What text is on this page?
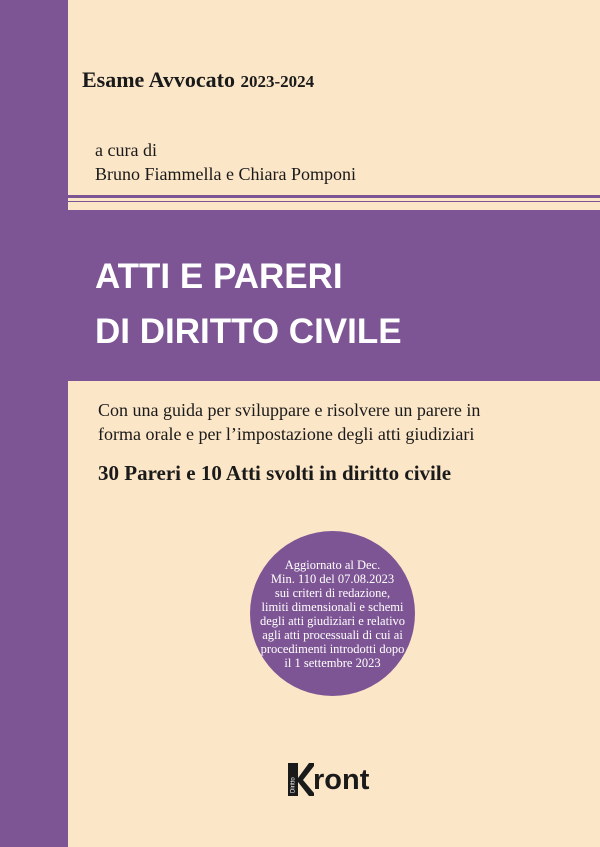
Esame Avvocato 2023-2024
a cura di
Bruno Fiammella e Chiara Pomponi
ATTI E PARERI
DI DIRITTO CIVILE
Con una guida per sviluppare e risolvere un parere in
forma orale e per l’impostazione degli atti giudiziari
30 Pareri e 10 Atti svolti in diritto civile
Aggiornato al Dec.
Min. 110 del 07.08.2023
sui criteri di redazione,
limiti dimensionali e schemi
degli atti giudiziari e relativo
agli atti processuali di cui ai
procedimenti introdotti dopo
il 1 settembre 2023
Diritto ront
